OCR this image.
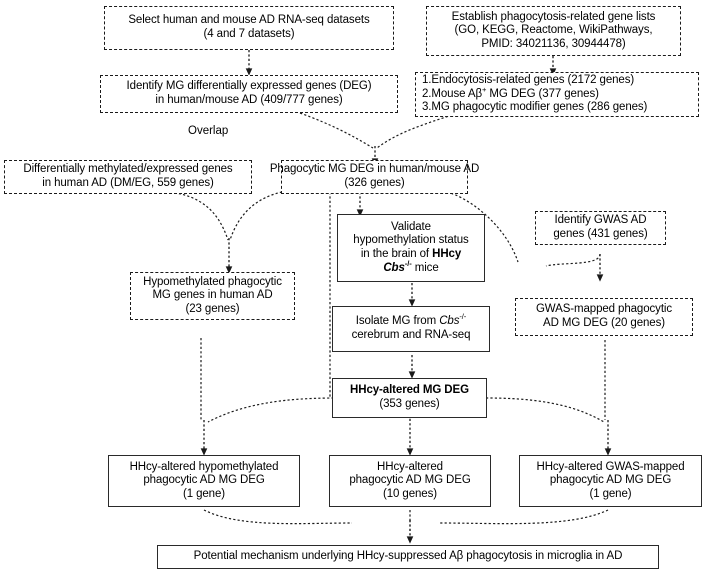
Select human and mouse AD RNA-seq datasets
(4 and 7 datasets)
Establish phagocytosis-related gene lists
(GO, KEGG, Reactome, WikiPathways,
PMID: 34021136, 30944478)
Identify MG differentially expressed genes (DEG)
in human/mouse AD (409/777 genes)
1.Endocytosis-related genes (2172 genes)
2.Mouse Aβ+ MG DEG (377 genes)
3.MG phagocytic modifier genes (286 genes)
Overlap
Differentially methylated/expressed genes
in human AD (DM/EG, 559 genes)
Phagocytic MG DEG in human/mouse AD
(326 genes)
Identify GWAS AD
genes (431 genes)
Validate
hypomethylation status
in the brain of HHcy
Cbs-/- mice
Hypomethylated phagocytic
MG genes in human AD
(23 genes)	GWAS-mapped phagocytic
AD MG DEG (20 genes)
Isolate MG from Cbs-/-
cerebrum and RNA-seq
HHcy-altered MG DEG
(353 genes)
HHcy-altered hypomethylated
phagocytic AD MG DEG
(1 gene)
HHcy-altered
phagocytic AD MG DEG
(10 genes)
HHcy-altered GWAS-mapped
phagocytic AD MG DEG
(1 gene)
Potential mechanism underlying HHcy-suppressed Aβ phagocytosis in microglia in AD
